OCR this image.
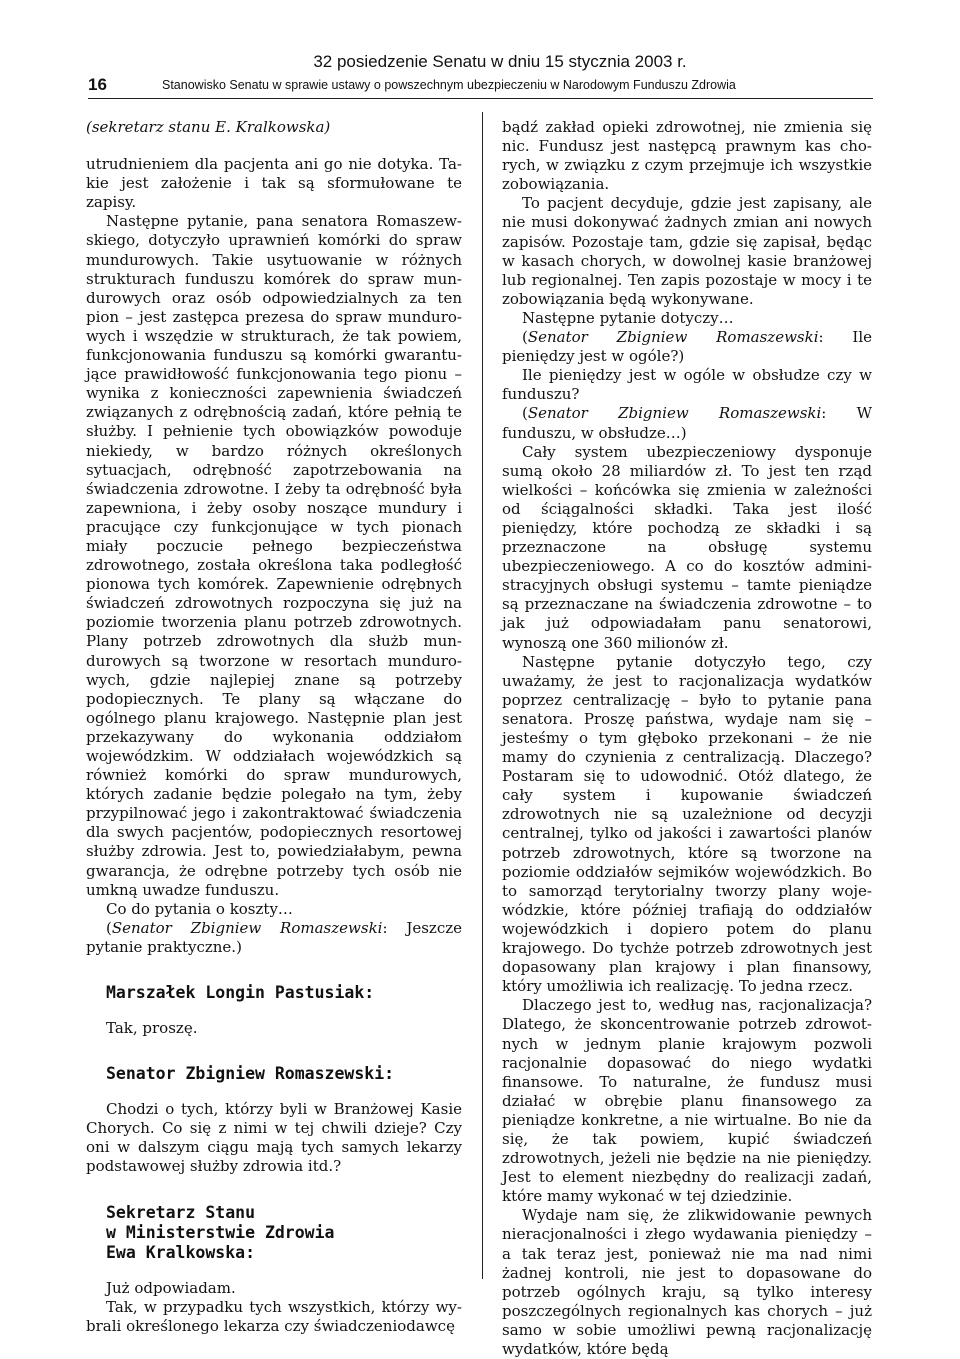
32 posiedzenie Senatu w dniu 15 stycznia 2003 r.
16	Stanowisko Senatu w sprawie ustawy o powszechnym ubezpieczeniu w Narodowym Funduszu Zdrowia

(sekretarz stanu E. Kralkowska)

utrudnieniem dla pacjenta ani go nie dotyka. Takie jest założenie i tak są sformułowane te zapisy.

Następne pytanie, pana senatora Romaszewskiego, dotyczyło uprawnień komórki do spraw mundurowych. Takie usytuowanie w różnych strukturach funduszu komórek do spraw mundurowych oraz osób odpowiedzialnych za ten pion – jest zastępca prezesa do spraw mundurowych i wszędzie w strukturach, że tak powiem, funkcjonowania funduszu są komórki gwarantujące prawidłowość funkcjonowania tego pionu – wynika z konieczności zapewnienia świadczeń związanych z odrębnością zadań, które pełnią te służby. I pełnienie tych obowiązków powoduje niekiedy, w bardzo różnych określonych sytuacjach, odrębność zapotrzebowania na świadczenia zdrowotne. I żeby ta odrębność była zapewniona, i żeby osoby noszące mundury i pracujące czy funkcjonujące w tych pionach miały poczucie pełnego bezpieczeństwa zdrowotnego, została określona taka podległość pionowa tych komórek. Zapewnienie odrębnych świadczeń zdrowotnych rozpoczyna się już na poziomie tworzenia planu potrzeb zdrowotnych. Plany potrzeb zdrowotnych dla służb mundurowych są tworzone w resortach mundurowych, gdzie najlepiej znane są potrzeby podopiecznych. Te plany są włączane do ogólnego planu krajowego. Następnie plan jest przekazywany do wykonania oddziałom wojewódzkim. W oddziałach wojewódzkich są również komórki do spraw mundurowych, których zadanie będzie polegało na tym, żeby przypilnować jego i zakontraktować świadczenia dla swych pacjentów, podopiecznych resortowej służby zdrowia. Jest to, powiedziałabym, pewna gwarancja, że odrębne potrzeby tych osób nie umkną uwadze funduszu.

Co do pytania o koszty…

(Senator Zbigniew Romaszewski: Jeszcze pytanie praktyczne.)

Marszałek Longin Pastusiak:

Tak, proszę.

Senator Zbigniew Romaszewski:

Chodzi o tych, którzy byli w Branżowej Kasie Chorych. Co się z nimi w tej chwili dzieje? Czy oni w dalszym ciągu mają tych samych lekarzy podstawowej służby zdrowia itd.?

Sekretarz Stanu
w Ministerstwie Zdrowia
Ewa Kralkowska:

Już odpowiadam.

Tak, w przypadku tych wszystkich, którzy wybrali określonego lekarza czy świadczeniodawcę

bądź zakład opieki zdrowotnej, nie zmienia się nic. Fundusz jest następcą prawnym kas chorych, w związku z czym przejmuje ich wszystkie zobowiązania.

To pacjent decyduje, gdzie jest zapisany, ale nie musi dokonywać żadnych zmian ani nowych zapisów. Pozostaje tam, gdzie się zapisał, będąc w kasach chorych, w dowolnej kasie branżowej lub regionalnej. Ten zapis pozostaje w mocy i te zobowiązania będą wykonywane.

Następne pytanie dotyczy…

(Senator Zbigniew Romaszewski: Ile pieniędzy jest w ogóle?)

Ile pieniędzy jest w ogóle w obsłudze czy w funduszu?

(Senator Zbigniew Romaszewski: W funduszu, w obsłudze…)

Cały system ubezpieczeniowy dysponuje sumą około 28 miliardów zł. To jest ten rząd wielkości – końcówka się zmienia w zależności od ściągalności składki. Taka jest ilość pieniędzy, które pochodzą ze składki i są przeznaczone na obsługę systemu ubezpieczeniowego. A co do kosztów administracyjnych obsługi systemu – tamte pieniądze są przeznaczane na świadczenia zdrowotne – to jak już odpowiadałam panu senatorowi, wynoszą one 360 milionów zł.

Następne pytanie dotyczyło tego, czy uważamy, że jest to racjonalizacja wydatków poprzez centralizację – było to pytanie pana senatora. Proszę państwa, wydaje nam się – jesteśmy o tym głęboko przekonani – że nie mamy do czynienia z centralizacją. Dlaczego? Postaram się to udowodnić. Otóż dlatego, że cały system i kupowanie świadczeń zdrowotnych nie są uzależnione od decyzji centralnej, tylko od jakości i zawartości planów potrzeb zdrowotnych, które są tworzone na poziomie oddziałów sejmików wojewódzkich. Bo to samorząd terytorialny tworzy plany wojewódzkie, które później trafiają do oddziałów wojewódzkich i dopiero potem do planu krajowego. Do tychże potrzeb zdrowotnych jest dopasowany plan krajowy i plan finansowy, który umożliwia ich realizację. To jedna rzecz.

Dlaczego jest to, według nas, racjonalizacja? Dlatego, że skoncentrowanie potrzeb zdrowotnych w jednym planie krajowym pozwoli racjonalnie dopasować do niego wydatki finansowe. To naturalne, że fundusz musi działać w obrębie planu finansowego za pieniądze konkretne, a nie wirtualne. Bo nie da się, że tak powiem, kupić świadczeń zdrowotnych, jeżeli nie będzie na nie pieniędzy. Jest to element niezbędny do realizacji zadań, które mamy wykonać w tej dziedzinie.

Wydaje nam się, że zlikwidowanie pewnych nieracjonalności i złego wydawania pieniędzy – a tak teraz jest, ponieważ nie ma nad nimi żadnej kontroli, nie jest to dopasowane do potrzeb ogólnych kraju, są tylko interesy poszczególnych regionalnych kas chorych – już samo w sobie umożliwi pewną racjonalizację wydatków, które będą
